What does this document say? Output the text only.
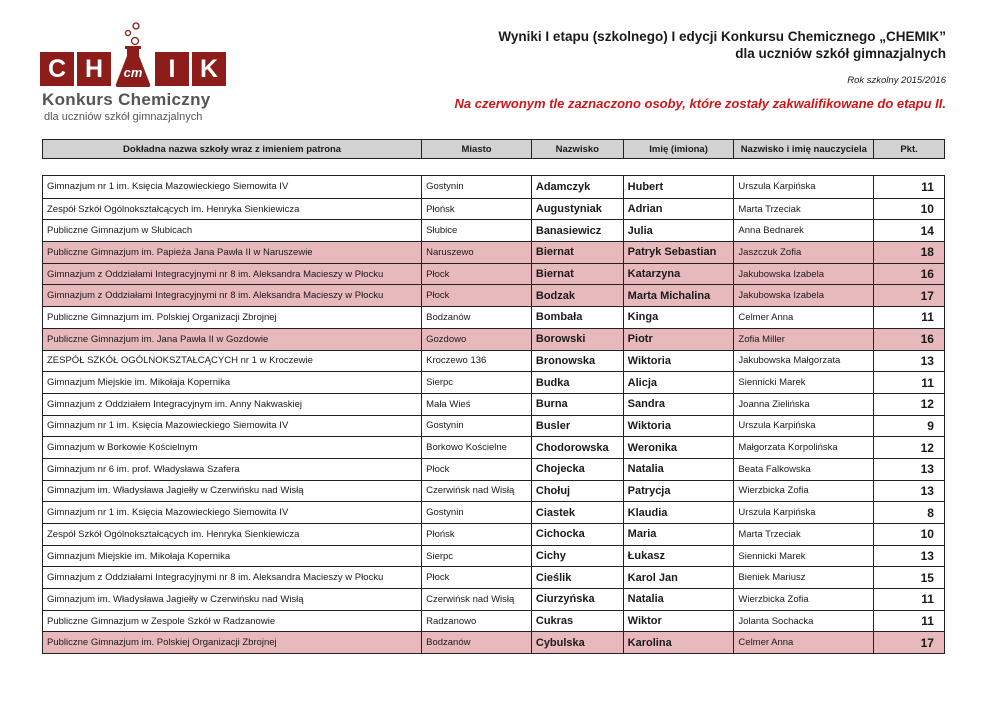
C H	cm	I K
Konkurs Chemiczny
dla uczniów szkół gimnazjalnych
Wyniki I etapu (szkolnego) I edycji Konkursu Chemicznego „CHEMIK”
dla uczniów szkół gimnazjalnych
Rok szkolny 2015/2016
Na czerwonym tle zaznaczono osoby, które zostały zakwalifikowane do etapu II.
Dokładna nazwa szkoły wraz z imieniem patrona	Miasto	Nazwisko	Imię (imiona)	Nazwisko i imię nauczyciela	Pkt.
Gimnazjum nr 1 im. Księcia Mazowieckiego Siemowita IV	Gostynin	Adamczyk	Hubert	Urszula Karpińska	11
Zespół Szkół Ogólnokształcących im. Henryka Sienkiewicza	Płońsk	Augustyniak	Adrian	Marta Trzeciak	10
Publiczne Gimnazjum w Słubicach	Słubice	Banasiewicz	Julia	Anna Bednarek	14
Publiczne Gimnazjum im. Papieża Jana Pawła II w Naruszewie	Naruszewo	Biernat	Patryk Sebastian	Jaszczuk Zofia	18
Gimnazjum z Oddziałami Integracyjnymi nr 8 im. Aleksandra Macieszy w Płocku	Płock	Biernat	Katarzyna	Jakubowska Izabela	16
Gimnazjum z Oddziałami Integracyjnymi nr 8 im. Aleksandra Macieszy w Płocku	Płock	Bodzak	Marta Michalina	Jakubowska Izabela	17
Publiczne Gimnazjum im. Polskiej Organizacji Zbrojnej	Bodzanów	Bombała	Kinga	Celmer Anna	11
Publiczne Gimnazjum im. Jana Pawła II w Gozdowie	Gozdowo	Borowski	Piotr	Zofia Miller	16
ZESPÓŁ SZKÓŁ OGÓLNOKSZTAŁCĄCYCH nr 1 w Kroczewie	Kroczewo 136	Bronowska	Wiktoria	Jakubowska Małgorzata	13
Gimnazjum Miejskie im. Mikołaja Kopernika	Sierpc	Budka	Alicja	Siennicki Marek	11
Gimnazjum z Oddziałem Integracyjnym im. Anny Nakwaskiej	Mała Wieś	Burna	Sandra	Joanna Zielińska	12
Gimnazjum nr 1 im. Księcia Mazowieckiego Siemowita IV	Gostynin	Busler	Wiktoria	Urszula Karpińska	9
Gimnazjum w Borkowie Kościelnym	Borkowo Kościelne	Chodorowska	Weronika	Małgorzata Korpolińska	12
Gimnazjum nr 6 im. prof. Władysława Szafera	Płock	Chojecka	Natalia	Beata Falkowska	13
Gimnazjum im. Władysława Jagiełły w Czerwińsku nad Wisłą	Czerwińsk nad Wisłą	Chołuj	Patrycja	Wierzbicka Zofia	13
Gimnazjum nr 1 im. Księcia Mazowieckiego Siemowita IV	Gostynin	Ciastek	Klaudia	Urszula Karpińska	8
Zespół Szkół Ogólnokształcących im. Henryka Sienkiewicza	Płońsk	Cichocka	Maria	Marta Trzeciak	10
Gimnazjum Miejskie im. Mikołaja Kopernika	Sierpc	Cichy	Łukasz	Siennicki Marek	13
Gimnazjum z Oddziałami Integracyjnymi nr 8 im. Aleksandra Macieszy w Płocku	Płock	Cieślik	Karol Jan	Bieniek Mariusz	15
Gimnazjum im. Władysława Jagiełły w Czerwińsku nad Wisłą	Czerwińsk nad Wisłą	Ciurzyńska	Natalia	Wierzbicka Zofia	11
Publiczne Gimnazjum w Zespole Szkół w Radzanowie	Radzanowo	Cukras	Wiktor	Jolanta Sochacka	11
Publiczne Gimnazjum im. Polskiej Organizacji Zbrojnej	Bodzanów	Cybulska	Karolina	Celmer Anna	17
